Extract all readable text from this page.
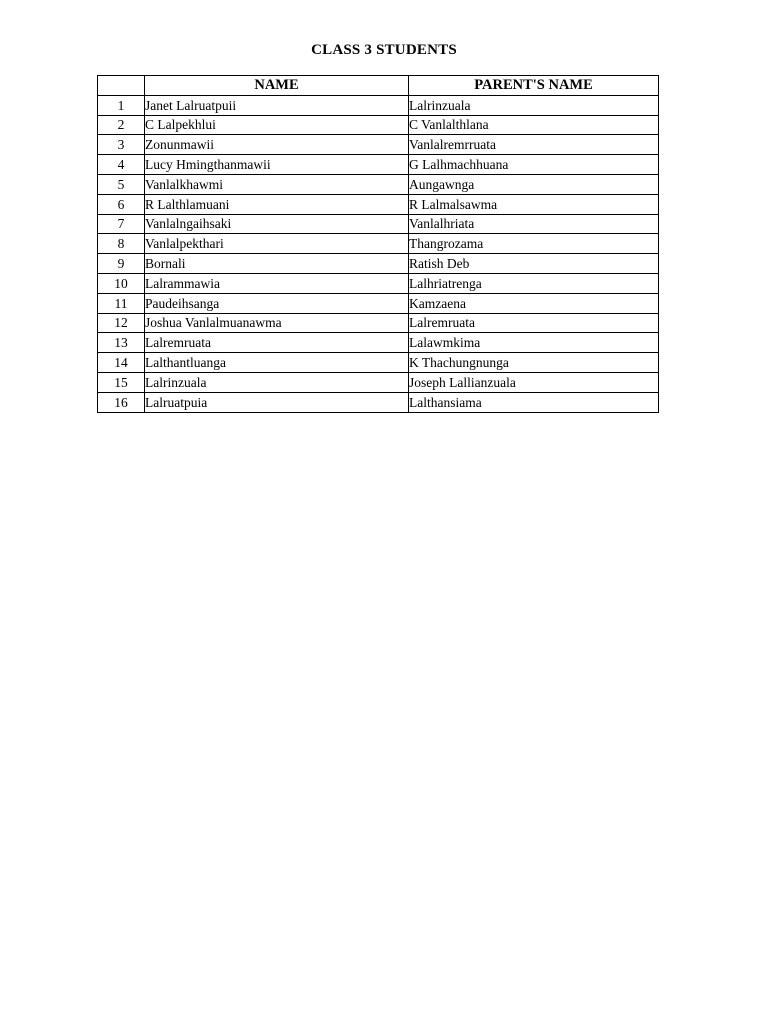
CLASS 3 STUDENTS
	NAME	PARENT'S NAME
1	Janet Lalruatpuii	Lalrinzuala
2	C Lalpekhlui	C Vanlalthlana
3	Zonunmawii	Vanlalremrruata
4	Lucy Hmingthanmawii	G Lalhmachhuana
5	Vanlalkhawmi	Aungawnga
6	R Lalthlamuani	R Lalmalsawma
7	Vanlalngaihsaki	Vanlalhriata
8	Vanlalpekthari	Thangrozama
9	Bornali	Ratish Deb
10	Lalrammawia	Lalhriatrenga
11	Paudeihsanga	Kamzaena
12	Joshua Vanlalmuanawma	Lalremruata
13	Lalremruata	Lalawmkima
14	Lalthantluanga	K Thachungnunga
15	Lalrinzuala	Joseph Lallianzuala
16	Lalruatpuia	Lalthansiama
